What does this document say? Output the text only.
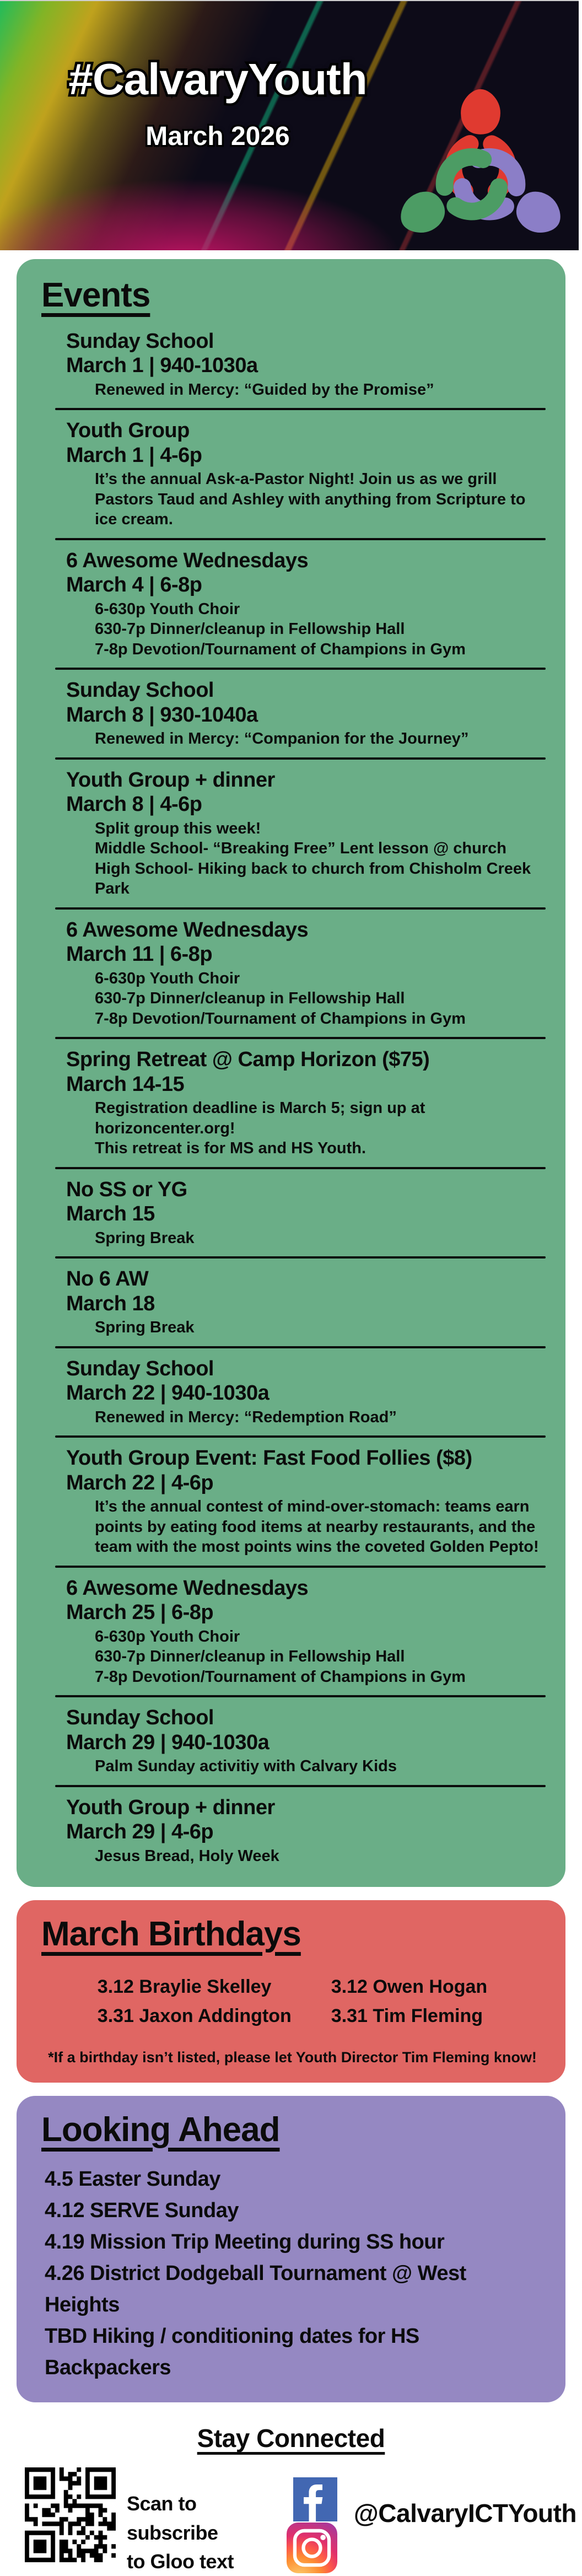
#CalvaryYouth
March 2026
Events
Sunday School
March 1 | 940-1030a
Renewed in Mercy: “Guided by the Promise”
Youth Group
March 1 | 4-6p
It’s the annual Ask-a-Pastor Night! Join us as we grill Pastors Taud and Ashley with anything from Scripture to ice cream.
6 Awesome Wednesdays
March 4 | 6-8p
6-630p Youth Choir
630-7p Dinner/cleanup in Fellowship Hall
7-8p Devotion/Tournament of Champions in Gym
Sunday School
March 8 | 930-1040a
Renewed in Mercy: “Companion for the Journey”
Youth Group + dinner
March 8 | 4-6p
Split group this week!
Middle School- “Breaking Free” Lent lesson @ church
High School- Hiking back to church from Chisholm Creek Park
6 Awesome Wednesdays
March 11 | 6-8p
6-630p Youth Choir
630-7p Dinner/cleanup in Fellowship Hall
7-8p Devotion/Tournament of Champions in Gym
Spring Retreat @ Camp Horizon ($75)
March 14-15
Registration deadline is March 5; sign up at horizoncenter.org!
This retreat is for MS and HS Youth.
No SS or YG
March 15
Spring Break
No 6 AW
March 18
Spring Break
Sunday School
March 22 | 940-1030a
Renewed in Mercy: “Redemption Road”
Youth Group Event: Fast Food Follies ($8)
March 22 | 4-6p
It’s the annual contest of mind-over-stomach: teams earn points by eating food items at nearby restaurants, and the team with the most points wins the coveted Golden Pepto!
6 Awesome Wednesdays
March 25 | 6-8p
6-630p Youth Choir
630-7p Dinner/cleanup in Fellowship Hall
7-8p Devotion/Tournament of Champions in Gym
Sunday School
March 29 | 940-1030a
Palm Sunday activitiy with Calvary Kids
Youth Group + dinner
March 29 | 4-6p
Jesus Bread, Holy Week
March Birthdays
3.12 Braylie Skelley
3.31 Jaxon Addington
3.12 Owen Hogan
3.31 Tim Fleming
*If a birthday isn’t listed, please let Youth Director Tim Fleming know!
Looking Ahead
4.5 Easter Sunday
4.12 SERVE Sunday
4.19 Mission Trip Meeting during SS hour
4.26 District Dodgeball Tournament @ West Heights
TBD Hiking / conditioning dates for HS Backpackers
Stay Connected
Scan to subscribe
to Gloo text
@CalvaryICTYouth
